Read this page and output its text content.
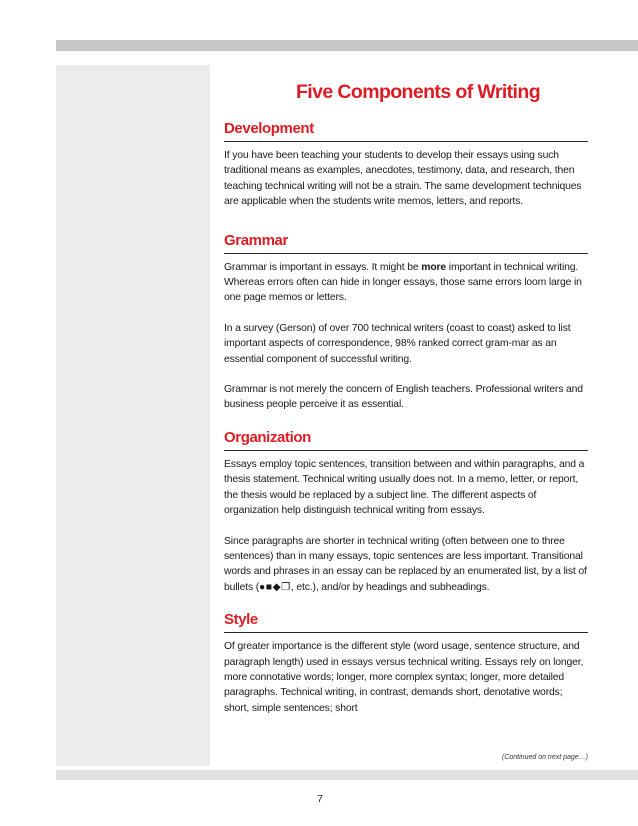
Five Components of Writing
Development

If you have been teaching your students to develop their essays using such traditional means as examples, anecdotes, testimony, data, and research, then teaching technical writing will not be a strain. The same development techniques are applicable when the students write memos, letters, and reports.

Grammar

Grammar is important in essays. It might be more important in technical writing. Whereas errors often can hide in longer essays, those same errors loom large in one page memos or letters.

In a survey (Gerson) of over 700 technical writers (coast to coast) asked to list important aspects of correspondence, 98% ranked correct gram-mar as an essential component of successful writing.

Grammar is not merely the concern of English teachers. Professional writers and business people perceive it as essential.

Organization

Essays employ topic sentences, transition between and within paragraphs, and a thesis statement. Technical writing usually does not. In a memo, letter, or report, the thesis would be replaced by a subject line. The different aspects of organization help distinguish technical writing from essays.

Since paragraphs are shorter in technical writing (often between one to three sentences) than in many essays, topic sentences are less important. Transitional words and phrases in an essay can be replaced by an enumerated list, by a list of bullets (●■◆❐, etc.), and/or by headings and subheadings.

Style

Of greater importance is the different style (word usage, sentence structure, and paragraph length) used in essays versus technical writing. Essays rely on longer, more connotative words; longer, more complex syntax; longer, more detailed paragraphs. Technical writing, in contrast, demands short, denotative words; short, simple sentences; short

(Continued on next page…)
7
